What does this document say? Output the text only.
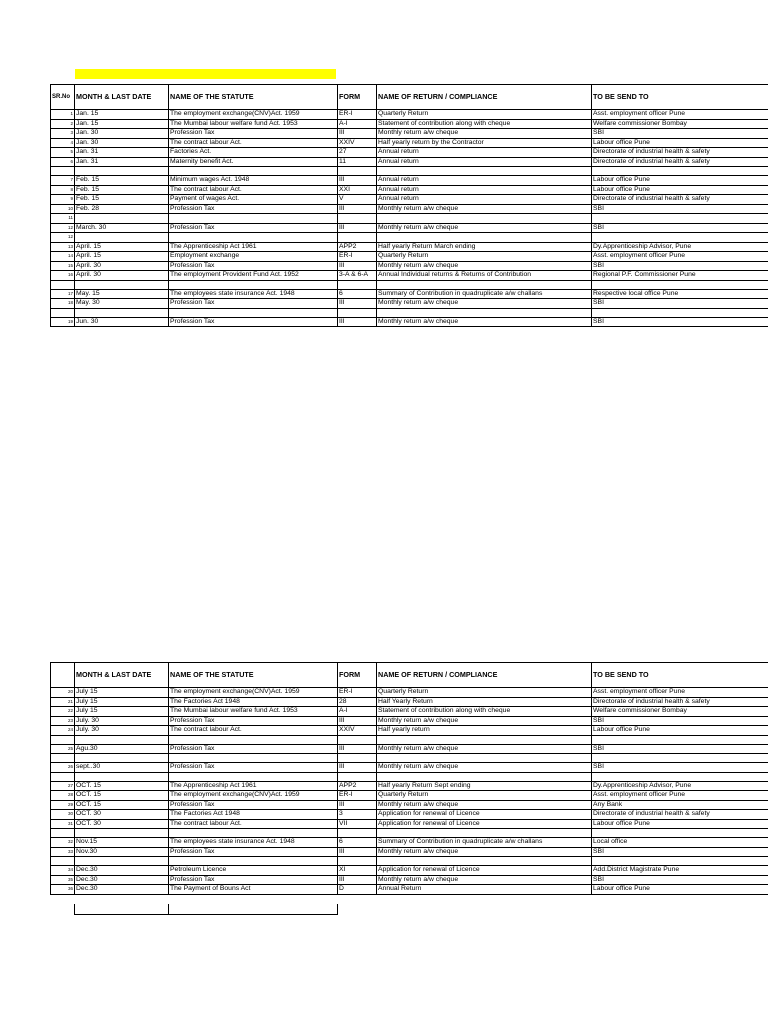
SR.No	MONTH & LAST DATE	NAME OF THE STATUTE	FORM	NAME OF RETURN / COMPLIANCE	TO BE SEND TO
1	Jan. 15	The employment exchange(CNV)Act. 1959	ER-I	Quarterly Return	Asst. employment officer Pune
2	Jan. 15	The Mumbai labour welfare fund Act. 1953	A-I	Statement of contribution along with cheque	Welfare commissioner Bombay
3	Jan. 30	Profession Tax	III	Monthly return a/w cheque	SBI
4	Jan. 30	The contract labour Act.	XXIV	Half yearly return by the Contractor	Labour office Pune
5	Jan. 31	Factories Act.	27	Annual return	Directorate of industrial health & safety
6	Jan. 31	Maternity benefit Act.	11	Annual return	Directorate of industrial health & safety

7	Feb. 15	Minimum wages Act. 1948	III	Annual return	Labour office Pune
8	Feb. 15	The contract labour Act.	XXI	Annual return	Labour office Pune
9	Feb. 15	Payment of wages Act.	V	Annual return	Directorate of industrial health & safety
10	Feb. 28	Profession Tax	III	Monthly return a/w cheque	SBI
11					
12	March. 30	Profession Tax	III	Monthly return a/w cheque	SBI
12					
13	April. 15	The Apprenticeship Act 1961	APP2	Half yearly Return March ending	Dy.Apprenticeship Advisor, Pune
14	April. 15	Employment exchange	ER-I	Quarterly Return	Asst. employment officer Pune
15	April. 30	Profession Tax	III	Monthly return a/w cheque	SBI
16	April. 30	The employment Provident Fund Act. 1952	3-A & 6-A	Annual Individual returns & Returns of Contribution	Regional P.F. Commissioner Pune

17	May. 15	The employees state insurance Act. 1948	6	Summary of Contribution in quadruplicate a/w challans	Respective local office Pune
18	May. 30	Profession Tax	III	Monthly return a/w cheque	SBI

19	Jun. 30	Profession Tax	III	Monthly return a/w cheque	SBI
	MONTH & LAST DATE	NAME OF THE STATUTE	FORM	NAME OF RETURN / COMPLIANCE	TO BE SEND TO
20	July 15	The employment exchange(CNV)Act. 1959	ER-I	Quarterly Return	Asst. employment officer Pune
21	July 15	The Factories Act 1948	28	Half Yearly Return	Directorate of industrial health & safety
22	July 15	The Mumbai labour welfare fund Act. 1953	A-I	Statement of contribution along with cheque	Welfare commissioner Bombay
23	July. 30	Profession Tax	III	Monthly return a/w cheque	SBI
24	July. 30	The contract labour Act.	XXIV	Half yearly return	Labour office Pune

25	Agu.30	Profession Tax	III	Monthly return a/w cheque	SBI

26	sept..30	Profession Tax	III	Monthly return a/w cheque	SBI

27	OCT. 15	The Apprenticeship Act 1961	APP2	Half yearly Return Sept ending	Dy.Apprenticeship Advisor, Pune
28	OCT. 15	The employment exchange(CNV)Act. 1959	ER-I	Quarterly Return	Asst. employment officer Pune
29	OCT. 15	Profession Tax	III	Monthly return a/w cheque	Any Bank
30	OCT. 30	The Factories Act 1948	3	Application for renewal of Licence	Directorate of industrial health & safety
31	OCT. 30	The contract labour Act.	VII	Application for renewal of Licence	Labour office Pune

32	Nov.15	The employees state insurance Act. 1948	6	Summary of Contribution in quadruplicate a/w challans	Local office
33	Nov.30	Profession Tax	III	Monthly return a/w cheque	SBI

34	Dec.30	Petroleum Licence	XI	Application for renewal of Licence	Add.District Magistrate Pune
35	Dec.30	Profession Tax	III	Monthly return a/w cheque	SBI
36	Dec.30	The Payment of Bouns Act	D	Annual Return	Labour office Pune
